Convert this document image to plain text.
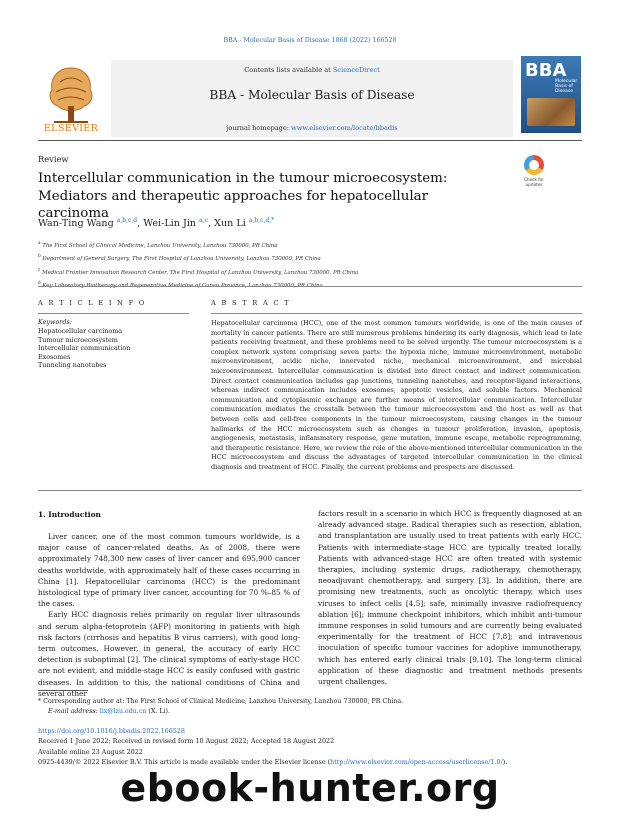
BBA - Molecular Basis of Disease 1868 (2022) 166528
ELSEVIER
Contents lists available at ScienceDirect
BBA - Molecular Basis of Disease
journal homepage: www.elsevier.com/locate/bbadis
BBA
Molecular Basis of Disease
Review
Intercellular communication in the tumour microecosystem: Mediators and therapeutic approaches for hepatocellular carcinoma
Check for updates
Wan-Ting Wang $^{a,b,c,d}$, Wei-Lin Jin $^{a,c}$, Xun Li $^{a,b,c,d,*}$
$^a$ The First School of Clinical Medicine, Lanzhou University, Lanzhou 730000, PR China
$^b$ Department of General Surgery, The First Hospital of Lanzhou University, Lanzhou 730000, PR China
$^c$ Medical Frontier Innovation Research Center, The First Hospital of Lanzhou University, Lanzhou 730000, PR China
$^d$ Key Laboratory Biotherapy and Regenerative Medicine of Gansu Province, Lanzhou 730000, PR China
A R T I C L E I N F O	A B S T R A C T
Keywords:
Hepatocellular carcinoma
Tumour microecosystem
Intercellular communication
Exosomes
Tunneling nanotubes
Hepatocellular carcinoma (HCC), one of the most common tumours worldwide, is one of the main causes of mortality in cancer patients. There are still numerous problems hindering its early diagnosis, which lead to late patients receiving treatment, and these problems need to be solved urgently. The tumour microecosystem is a complex network system comprising seven parts: the hypoxia niche, immune microenvironment, metabolic microenvironment, acidic niche, innervated niche, mechanical microenvironment, and microbial microenvironment. Intercellular communication is divided into direct contact and indirect communication. Direct contact communication includes gap junctions, tunneling nanotubes, and receptor-ligand interactions, whereas indirect communication includes exosomes, apoptotic vesicles, and soluble factors. Mechanical communication and cytoplasmic exchange are further means of intercellular communication. Intercellular communication mediates the crosstalk between the tumour microecosystem and the host as well as that between cells and cell-free components in the tumour microecosystem, causing changes in the tumour hallmarks of the HCC microecosystem such as changes in tumour proliferation, invasion, apoptosis, angiogenesis, metastasis, inflammatory response, gene mutation, immune escape, metabolic reprogramming, and therapeutic resistance. Here, we review the role of the above-mentioned intercellular communication in the HCC microecosystem and discuss the advantages of targeted intercellular communication in the clinical diagnosis and treatment of HCC. Finally, the current problems and prospects are discussed.
1. Introduction

Liver cancer, one of the most common tumours worldwide, is a major cause of cancer-related deaths. As of 2008, there were approximately 748,300 new cases of liver cancer and 695,900 cancer deaths worldwide, with approximately half of these cases occurring in China [1]. Hepatocellular carcinoma (HCC) is the predominant histological type of primary liver cancer, accounting for 70 %–85 % of the cases.

Early HCC diagnosis relies primarily on regular liver ultrasounds and serum alpha-fetoprotein (AFP) monitoring in patients with high risk factors (cirrhosis and hepatitis B virus carriers), with good long- term outcomes. However, in general, the accuracy of early HCC detection is suboptimal [2]. The clinical symptoms of early-stage HCC are not evident, and middle-stage HCC is easily confused with gastric diseases. In addition to this, the national conditions of China and several other

factors result in a scenario in which HCC is frequently diagnosed at an already advanced stage. Radical therapies such as resection, ablation, and transplantation are usually used to treat patients with early HCC. Patients with intermediate-stage HCC are typically treated locally. Patients with advanced-stage HCC are often treated with systemic therapies, including systemic drugs, radiotherapy, chemotherapy, neoadjuvant chemotherapy, and surgery [3]. In addition, there are promising new treatments, such as oncolytic therapy, which uses viruses to infect cells [4,5]; safe, minimally invasive radiofrequency ablation [6]; immune checkpoint inhibitors, which inhibit anti-tumour immune responses in solid tumours and are currently being evaluated experimentally for the treatment of HCC [7,8]; and intravenous inoculation of specific tumour vaccines for adoptive immunotherapy, which has entered early clinical trials [9,10]. The long-term clinical application of these diagnostic and treatment methods presents urgent challenges.

* Corresponding author at: The First School of Clinical Medicine, Lanzhou University, Lanzhou 730000, PR China.
E-mail address: lix@lzu.edu.cn (X. Li).
https://doi.org/10.1016/j.bbadis.2022.166528
Received 1 June 2022; Received in revised form 10 August 2022; Accepted 18 August 2022
Available online 23 August 2022
0925-4439/© 2022 Elsevier B.V. This article is made available under the Elsevier license (http://www.elsevier.com/open-access/userlicense/1.0/).
ebook-hunter.org
